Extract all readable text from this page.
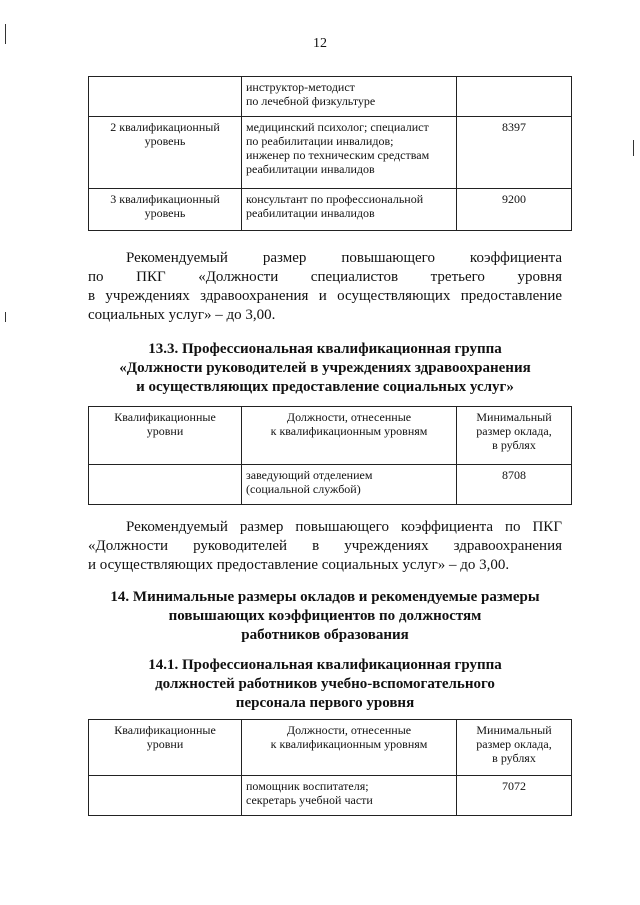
12

	инструктор-методист
по лечебной физкультуре	

2 квалификационный
уровень	медицинский психолог; специалист
по реабилитации инвалидов;
инженер по техническим средствам
реабилитации инвалидов	8397

3 квалификационный
уровень	консультант по профессиональной
реабилитации инвалидов	9200
Рекомендуемый размер повышающего коэффициента
по ПКГ «Должности специалистов третьего уровня
в учреждениях здравоохранения и осуществляющих предоставление
социальных услуг» – до 3,00.
13.3. Профессиональная квалификационная группа
«Должности руководителей в учреждениях здравоохранения
и осуществляющих предоставление социальных услуг»
Квалификационные
уровни	Должности, отнесенные
к квалификационным уровням	Минимальный
размер оклада,
в рублях

	заведующий отделением
(социальной службой)	8708
Рекомендуемый размер повышающего коэффициента по ПКГ
«Должности руководителей в учреждениях здравоохранения
и осуществляющих предоставление социальных услуг» – до 3,00.
14. Минимальные размеры окладов и рекомендуемые размеры
повышающих коэффициентов по должностям
работников образования
14.1. Профессиональная квалификационная группа
должностей работников учебно-вспомогательного
персонала первого уровня
Квалификационные
уровни	Должности, отнесенные
к квалификационным уровням	Минимальный
размер оклада,
в рублях

	помощник воспитателя;
секретарь учебной части	7072
